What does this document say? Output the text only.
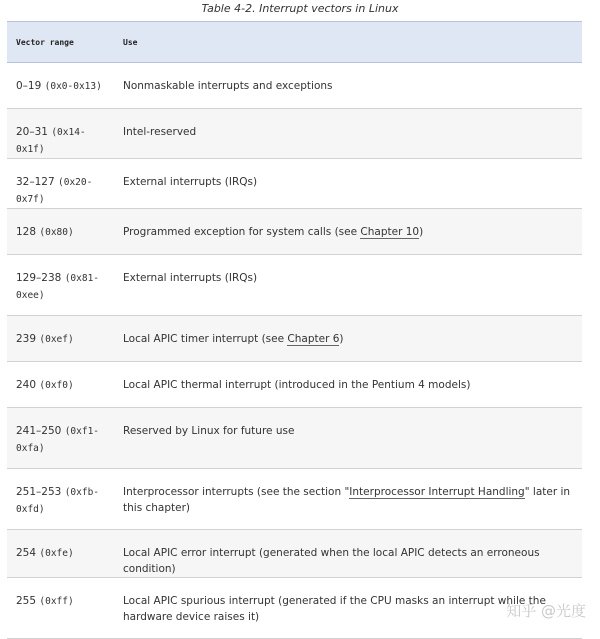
Table 4-2. Interrupt vectors in Linux
Vector range	Use
0–19 (0x0-0x13)	Nonmaskable interrupts and exceptions
20–31 (0x14-0x1f)	Intel-reserved
32–127 (0x20-0x7f)	External interrupts (IRQs)
128 (0x80)	Programmed exception for system calls (see Chapter 10)
129–238 (0x81-0xee)	External interrupts (IRQs)
239 (0xef)	Local APIC timer interrupt (see Chapter 6)
240 (0xf0)	Local APIC thermal interrupt (introduced in the Pentium 4 models)
241–250 (0xf1-0xfa)	Reserved by Linux for future use
251–253 (0xfb-0xfd)	Interprocessor interrupts (see the section "Interprocessor Interrupt Handling" later in this chapter)
254 (0xfe)	Local APIC error interrupt (generated when the local APIC detects an erroneous condition)
255 (0xff)	Local APIC spurious interrupt (generated if the CPU masks an interrupt while the hardware device raises it)	知乎 @光度
